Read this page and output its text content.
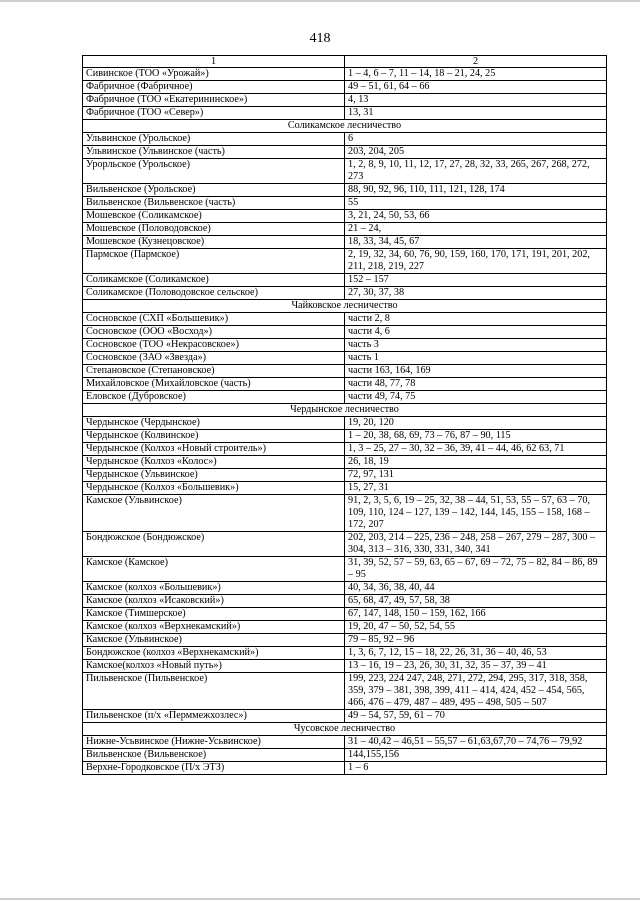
418
1	2
Сивинское (ТОО «Урожай»)	1 – 4, 6 – 7, 11 – 14, 18 – 21, 24, 25
Фабричное (Фабричное)	49 – 51, 61, 64 – 66
Фабричное (ТОО «Екатерининское»)	4, 13
Фабричное (ТОО «Север»)	13, 31
Соликамское лесничество	
Ульвинское (Урольское)	6
Ульвинское (Ульвинское (часть)	203, 204, 205
Урорльское (Урольское)	1, 2, 8, 9, 10, 11, 12, 17, 27, 28, 32, 33, 265, 267, 268, 272, 273
Вильвенское (Урольское)	88, 90, 92, 96, 110, 111, 121, 128, 174
Вильвенское (Вильвенское (часть)	55
Мошевское (Соликамское)	3, 21, 24, 50, 53, 66
Мошевское (Половодовское)	21 – 24,
Мошевское (Кузнецовское)	18, 33, 34, 45, 67
Пармское (Пармское)	2, 19, 32, 34, 60, 76, 90, 159, 160, 170, 171, 191, 201, 202, 211, 218, 219, 227
Соликамское (Соликамское)	152 – 157
Соликамское (Половодовское сельское)	27, 30, 37, 38
Чайковское лесничество	
Сосновское (СХП «Большевик»)	части 2, 8
Сосновское (ООО «Восход»)	части 4, 6
Сосновское (ТОО «Некрасовское»)	часть 3
Сосновское (ЗАО «Звезда»)	часть 1
Степановское (Степановское)	части 163, 164, 169
Михайловское (Михайловское (часть)	части 48, 77, 78
Еловское (Дубровское)	части 49, 74, 75
Чердынское лесничество	
Чердынское (Чердынское)	19, 20, 120
Чердынское (Колвинское)	1 – 20, 38, 68, 69, 73 – 76, 87 – 90, 115
Чердынское (Колхоз «Новый строитель»)	1, 3 – 25, 27 – 30, 32 – 36, 39, 41 – 44, 46, 62 63, 71
Чердынское (Колхоз «Колос»)	26, 18, 19
Чердынское (Ульвинское)	72, 97, 131
Чердынское (Колхоз «Большевик»)	15, 27, 31
Камское (Ульвинское)	91, 2, 3, 5, 6, 19 – 25, 32, 38 – 44, 51, 53, 55 – 57, 63 – 70, 109, 110, 124 – 127, 139 – 142, 144, 145, 155 – 158, 168 – 172, 207
Бондюжское (Бондюжское)	202, 203, 214 – 225, 236 – 248, 258 – 267, 279 – 287, 300 – 304, 313 – 316, 330, 331, 340, 341
Камское (Камское)	31, 39, 52, 57 – 59, 63, 65 – 67, 69 – 72, 75 – 82, 84 – 86, 89 – 95
Камское (колхоз «Большевик»)	40, 34, 36, 38, 40, 44
Камское (колхоз «Исаковский»)	65, 68, 47, 49, 57, 58, 38
Камское (Тимшерское)	67, 147, 148, 150 – 159, 162, 166
Камское (колхоз «Верхнекамский»)	19, 20, 47 – 50, 52, 54, 55
Камское (Ульвинское)	79 – 85, 92 – 96
Бондюжское (колхоз «Верхнекамский»)	1, 3, 6, 7, 12, 15 – 18, 22, 26, 31, 36 – 40, 46, 53
Камское(колхоз «Новый путь»)	13 – 16, 19 – 23, 26, 30, 31, 32, 35 – 37, 39 – 41
Пильвенское (Пильвенское)	199, 223, 224 247, 248, 271, 272, 294, 295, 317, 318, 358, 359, 379 – 381, 398, 399, 411 – 414, 424, 452 – 454, 565, 466, 476 – 479, 487 – 489, 495 – 498, 505 – 507
Пильвенское (п/х «Перммежхозлес»)	49 – 54, 57, 59, 61 – 70
Чусовское лесничество	
Нижне-Усьвинское (Нижне-Усьвинское)	31 – 40,42 – 46,51 – 55,57 – 61,63,67,70 – 74,76 – 79,92
Вильвенское (Вильвенское)	144,155,156
Верхне-Городковское (П/х ЭТЗ)	1 – 6
